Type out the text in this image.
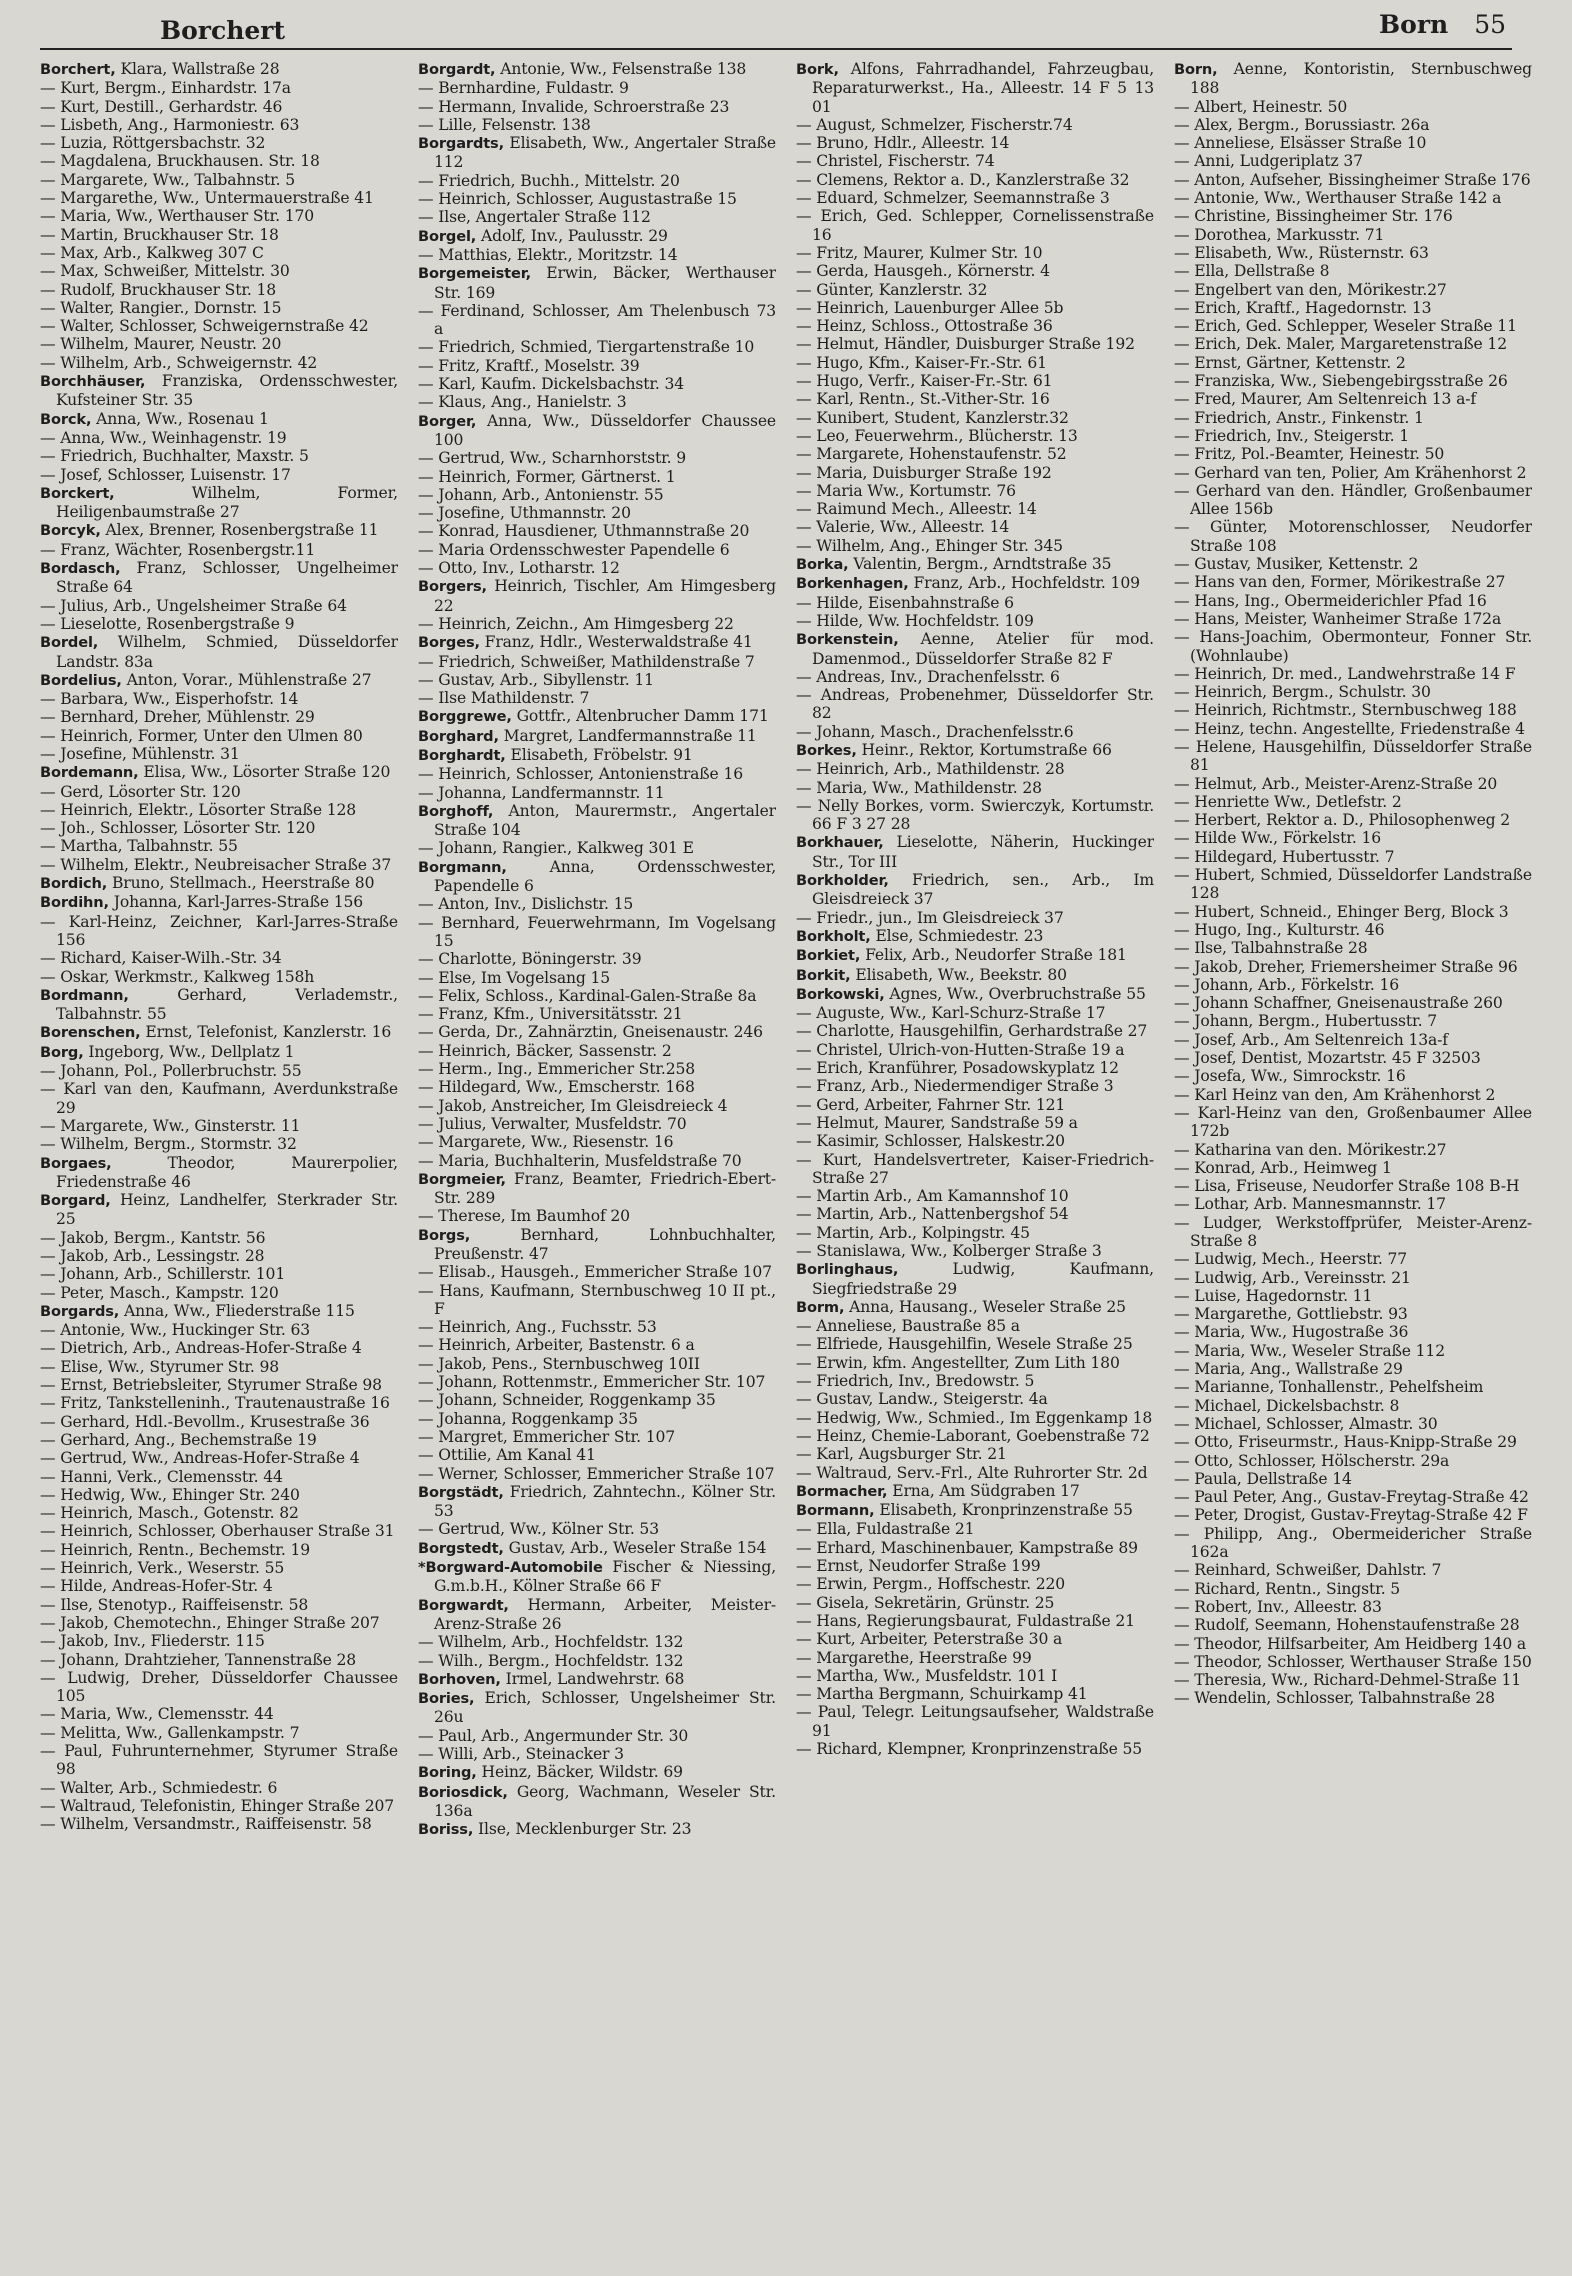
Borchert	Born 55
Borchert, Klara, Wallstraße 28
— Kurt, Bergm., Einhardstr. 17a
— Kurt, Destill., Gerhardstr. 46
— Lisbeth, Ang., Harmoniestr. 63
— Luzia, Röttgersbachstr. 32
— Magdalena, Bruckhausen. Str. 18
— Margarete, Ww., Talbahnstr. 5
— Margarethe, Ww., Untermauerstraße 41
— Maria, Ww., Werthauser Str. 170
— Martin, Bruckhauser Str. 18
— Max, Arb., Kalkweg 307 C
— Max, Schweißer, Mittelstr. 30
— Rudolf, Bruckhauser Str. 18
— Walter, Rangier., Dornstr. 15
— Walter, Schlosser, Schweigernstraße 42
— Wilhelm, Maurer, Neustr. 20
— Wilhelm, Arb., Schweigernstr. 42
Borchhäuser, Franziska, Ordensschwester, Kufsteiner Str. 35
Borck, Anna, Ww., Rosenau 1
— Anna, Ww., Weinhagenstr. 19
— Friedrich, Buchhalter, Maxstr. 5
— Josef, Schlosser, Luisenstr. 17
Borckert, Wilhelm, Former, Heiligenbaumstraße 27
Borcyk, Alex, Brenner, Rosenbergstraße 11
— Franz, Wächter, Rosenbergstr.11
Bordasch, Franz, Schlosser, Ungelheimer Straße 64
— Julius, Arb., Ungelsheimer Straße 64
— Lieselotte, Rosenbergstraße 9
Bordel, Wilhelm, Schmied, Düsseldorfer Landstr. 83a
Bordelius, Anton, Vorar., Mühlenstraße 27
— Barbara, Ww., Eisperhofstr. 14
— Bernhard, Dreher, Mühlenstr. 29
— Heinrich, Former, Unter den Ulmen 80
— Josefine, Mühlenstr. 31
Bordemann, Elisa, Ww., Lösorter Straße 120
— Gerd, Lösorter Str. 120
— Heinrich, Elektr., Lösorter Straße 128
— Joh., Schlosser, Lösorter Str. 120
— Martha, Talbahnstr. 55
— Wilhelm, Elektr., Neubreisacher Straße 37
Bordich, Bruno, Stellmach., Heerstraße 80
Bordihn, Johanna, Karl-Jarres-Straße 156
— Karl-Heinz, Zeichner, Karl-Jarres-Straße 156
— Richard, Kaiser-Wilh.-Str. 34
— Oskar, Werkmstr., Kalkweg 158h
Bordmann, Gerhard, Verlademstr., Talbahnstr. 55
Borenschen, Ernst, Telefonist, Kanzlerstr. 16
Borg, Ingeborg, Ww., Dellplatz 1
— Johann, Pol., Pollerbruchstr. 55
— Karl van den, Kaufmann, Averdunkstraße 29
— Margarete, Ww., Ginsterstr. 11
— Wilhelm, Bergm., Stormstr. 32
Borgaes, Theodor, Maurerpolier, Friedenstraße 46
Borgard, Heinz, Landhelfer, Sterkrader Str. 25
— Jakob, Bergm., Kantstr. 56
— Jakob, Arb., Lessingstr. 28
— Johann, Arb., Schillerstr. 101
— Peter, Masch., Kampstr. 120
Borgards, Anna, Ww., Fliederstraße 115
— Antonie, Ww., Huckinger Str. 63
— Dietrich, Arb., Andreas-Hofer-Straße 4
— Elise, Ww., Styrumer Str. 98
— Ernst, Betriebsleiter, Styrumer Straße 98
— Fritz, Tankstelleninh., Trautenaustraße 16
— Gerhard, Hdl.-Bevollm., Krusestraße 36
— Gerhard, Ang., Bechemstraße 19
— Gertrud, Ww., Andreas-Hofer-Straße 4
— Hanni, Verk., Clemensstr. 44
— Hedwig, Ww., Ehinger Str. 240
— Heinrich, Masch., Gotenstr. 82
— Heinrich, Schlosser, Oberhauser Straße 31
— Heinrich, Rentn., Bechemstr. 19
— Heinrich, Verk., Weserstr. 55
— Hilde, Andreas-Hofer-Str. 4
— Ilse, Stenotyp., Raiffeisenstr. 58
— Jakob, Chemotechn., Ehinger Straße 207
— Jakob, Inv., Fliederstr. 115
— Johann, Drahtzieher, Tannenstraße 28
— Ludwig, Dreher, Düsseldorfer Chaussee 105
— Maria, Ww., Clemensstr. 44
— Melitta, Ww., Gallenkampstr. 7
— Paul, Fuhrunternehmer, Styrumer Straße 98
— Walter, Arb., Schmiedestr. 6
— Waltraud, Telefonistin, Ehinger Straße 207
— Wilhelm, Versandmstr., Raiffeisenstr. 58
Borgardt, Antonie, Ww., Felsenstraße 138
— Bernhardine, Fuldastr. 9
— Hermann, Invalide, Schroerstraße 23
— Lille, Felsenstr. 138
Borgardts, Elisabeth, Ww., Angertaler Straße 112
— Friedrich, Buchh., Mittelstr. 20
— Heinrich, Schlosser, Augustastraße 15
— Ilse, Angertaler Straße 112
Borgel, Adolf, Inv., Paulusstr. 29
— Matthias, Elektr., Moritzstr. 14
Borgemeister, Erwin, Bäcker, Werthauser Str. 169
— Ferdinand, Schlosser, Am Thelenbusch 73 a
— Friedrich, Schmied, Tiergartenstraße 10
— Fritz, Kraftf., Moselstr. 39
— Karl, Kaufm. Dickelsbachstr. 34
— Klaus, Ang., Hanielstr. 3
Borger, Anna, Ww., Düsseldorfer Chaussee 100
— Gertrud, Ww., Scharnhorststr. 9
— Heinrich, Former, Gärtnerst. 1
— Johann, Arb., Antonienstr. 55
— Josefine, Uthmannstr. 20
— Konrad, Hausdiener, Uthmannstraße 20
— Maria Ordensschwester Papendelle 6
— Otto, Inv., Lotharstr. 12
Borgers, Heinrich, Tischler, Am Himgesberg 22
— Heinrich, Zeichn., Am Himgesberg 22
Borges, Franz, Hdlr., Westerwaldstraße 41
— Friedrich, Schweißer, Mathildenstraße 7
— Gustav, Arb., Sibyllenstr. 11
— Ilse Mathildenstr. 7
Borggrewe, Gottfr., Altenbrucher Damm 171
Borghard, Margret, Landfermannstraße 11
Borghardt, Elisabeth, Fröbelstr. 91
— Heinrich, Schlosser, Antonienstraße 16
— Johanna, Landfermannstr. 11
Borghoff, Anton, Maurermstr., Angertaler Straße 104
— Johann, Rangier., Kalkweg 301 E
Borgmann, Anna, Ordensschwester, Papendelle 6
— Anton, Inv., Dislichstr. 15
— Bernhard, Feuerwehrmann, Im Vogelsang 15
— Charlotte, Böningerstr. 39
— Else, Im Vogelsang 15
— Felix, Schloss., Kardinal-Galen-Straße 8a
— Franz, Kfm., Universitätsstr. 21
— Gerda, Dr., Zahnärztin, Gneisenaustr. 246
— Heinrich, Bäcker, Sassenstr. 2
— Herm., Ing., Emmericher Str.258
— Hildegard, Ww., Emscherstr. 168
— Jakob, Anstreicher, Im Gleisdreieck 4
— Julius, Verwalter, Musfeldstr. 70
— Margarete, Ww., Riesenstr. 16
— Maria, Buchhalterin, Musfeldstraße 70
Borgmeier, Franz, Beamter, Friedrich-Ebert-Str. 289
— Therese, Im Baumhof 20
Borgs, Bernhard, Lohnbuchhalter, Preußenstr. 47
— Elisab., Hausgeh., Emmericher Straße 107
— Hans, Kaufmann, Sternbuschweg 10 II pt., F
— Heinrich, Ang., Fuchsstr. 53
— Heinrich, Arbeiter, Bastenstr. 6 a
— Jakob, Pens., Sternbuschweg 10II
— Johann, Rottenmstr., Emmericher Str. 107
— Johann, Schneider, Roggenkamp 35
— Johanna, Roggenkamp 35
— Margret, Emmericher Str. 107
— Ottilie, Am Kanal 41
— Werner, Schlosser, Emmericher Straße 107
Borgstädt, Friedrich, Zahntechn., Kölner Str. 53
— Gertrud, Ww., Kölner Str. 53
Borgstedt, Gustav, Arb., Weseler Straße 154
*Borgward-Automobile Fischer & Niessing, G.m.b.H., Kölner Straße 66 F
Borgwardt, Hermann, Arbeiter, Meister-Arenz-Straße 26
— Wilhelm, Arb., Hochfeldstr. 132
— Wilh., Bergm., Hochfeldstr. 132
Borhoven, Irmel, Landwehrstr. 68
Bories, Erich, Schlosser, Ungelsheimer Str. 26u
— Paul, Arb., Angermunder Str. 30
— Willi, Arb., Steinacker 3
Boring, Heinz, Bäcker, Wildstr. 69
Boriosdick, Georg, Wachmann, Weseler Str. 136a
Boriss, Ilse, Mecklenburger Str. 23
Bork, Alfons, Fahrradhandel, Fahrzeugbau, Reparaturwerkst., Ha., Alleestr. 14 F 5 13 01
— August, Schmelzer, Fischerstr.74
— Bruno, Hdlr., Alleestr. 14
— Christel, Fischerstr. 74
— Clemens, Rektor a. D., Kanzlerstraße 32
— Eduard, Schmelzer, Seemannstraße 3
— Erich, Ged. Schlepper, Cornelissenstraße 16
— Fritz, Maurer, Kulmer Str. 10
— Gerda, Hausgeh., Körnerstr. 4
— Günter, Kanzlerstr. 32
— Heinrich, Lauenburger Allee 5b
— Heinz, Schloss., Ottostraße 36
— Helmut, Händler, Duisburger Straße 192
— Hugo, Kfm., Kaiser-Fr.-Str. 61
— Hugo, Verfr., Kaiser-Fr.-Str. 61
— Karl, Rentn., St.-Vither-Str. 16
— Kunibert, Student, Kanzlerstr.32
— Leo, Feuerwehrm., Blücherstr. 13
— Margarete, Hohenstaufenstr. 52
— Maria, Duisburger Straße 192
— Maria Ww., Kortumstr. 76
— Raimund Mech., Alleestr. 14
— Valerie, Ww., Alleestr. 14
— Wilhelm, Ang., Ehinger Str. 345
Borka, Valentin, Bergm., Arndtstraße 35
Borkenhagen, Franz, Arb., Hochfeldstr. 109
— Hilde, Eisenbahnstraße 6
— Hilde, Ww. Hochfeldstr. 109
Borkenstein, Aenne, Atelier für mod. Damenmod., Düsseldorfer Straße 82 F
— Andreas, Inv., Drachenfelsstr. 6
— Andreas, Probenehmer, Düsseldorfer Str. 82
— Johann, Masch., Drachenfelsstr.6
Borkes, Heinr., Rektor, Kortumstraße 66
— Heinrich, Arb., Mathildenstr. 28
— Maria, Ww., Mathildenstr. 28
— Nelly Borkes, vorm. Swierczyk, Kortumstr. 66 F 3 27 28
Borkhauer, Lieselotte, Näherin, Huckinger Str., Tor III
Borkholder, Friedrich, sen., Arb., Im Gleisdreieck 37
— Friedr., jun., Im Gleisdreieck 37
Borkholt, Else, Schmiedestr. 23
Borkiet, Felix, Arb., Neudorfer Straße 181
Borkit, Elisabeth, Ww., Beekstr. 80
Borkowski, Agnes, Ww., Overbruchstraße 55
— Auguste, Ww., Karl-Schurz-Straße 17
— Charlotte, Hausgehilfin, Gerhardstraße 27
— Christel, Ulrich-von-Hutten-Straße 19 a
— Erich, Kranführer, Posadowskyplatz 12
— Franz, Arb., Niedermendiger Straße 3
— Gerd, Arbeiter, Fahrner Str. 121
— Helmut, Maurer, Sandstraße 59 a
— Kasimir, Schlosser, Halskestr.20
— Kurt, Handelsvertreter, Kaiser-Friedrich-Straße 27
— Martin Arb., Am Kamannshof 10
— Martin, Arb., Nattenbergshof 54
— Martin, Arb., Kolpingstr. 45
— Stanislawa, Ww., Kolberger Straße 3
Borlinghaus, Ludwig, Kaufmann, Siegfriedstraße 29
Borm, Anna, Hausang., Weseler Straße 25
— Anneliese, Baustraße 85 a
— Elfriede, Hausgehilfin, Wesele Straße 25
— Erwin, kfm. Angestellter, Zum Lith 180
— Friedrich, Inv., Bredowstr. 5
— Gustav, Landw., Steigerstr. 4a
— Hedwig, Ww., Schmied., Im Eggenkamp 18
— Heinz, Chemie-Laborant, Goebenstraße 72
— Karl, Augsburger Str. 21
— Waltraud, Serv.-Frl., Alte Ruhrorter Str. 2d
Bormacher, Erna, Am Südgraben 17
Bormann, Elisabeth, Kronprinzenstraße 55
— Ella, Fuldastraße 21
— Erhard, Maschinenbauer, Kampstraße 89
— Ernst, Neudorfer Straße 199
— Erwin, Pergm., Hoffschestr. 220
— Gisela, Sekretärin, Grünstr. 25
— Hans, Regierungsbaurat, Fuldastraße 21
— Kurt, Arbeiter, Peterstraße 30 a
— Margarethe, Heerstraße 99
— Martha, Ww., Musfeldstr. 101 I
— Martha Bergmann, Schuirkamp 41
— Paul, Telegr. Leitungsaufseher, Waldstraße 91
— Richard, Klempner, Kronprinzenstraße 55
Born, Aenne, Kontoristin, Sternbuschweg 188
— Albert, Heinestr. 50
— Alex, Bergm., Borussiastr. 26a
— Anneliese, Elsässer Straße 10
— Anni, Ludgeriplatz 37
— Anton, Aufseher, Bissingheimer Straße 176
— Antonie, Ww., Werthauser Straße 142 a
— Christine, Bissingheimer Str. 176
— Dorothea, Markusstr. 71
— Elisabeth, Ww., Rüsternstr. 63
— Ella, Dellstraße 8
— Engelbert van den, Mörikestr.27
— Erich, Kraftf., Hagedornstr. 13
— Erich, Ged. Schlepper, Weseler Straße 11
— Erich, Dek. Maler, Margaretenstraße 12
— Ernst, Gärtner, Kettenstr. 2
— Franziska, Ww., Siebengebirgsstraße 26
— Fred, Maurer, Am Seltenreich 13 a-f
— Friedrich, Anstr., Finkenstr. 1
— Friedrich, Inv., Steigerstr. 1
— Fritz, Pol.-Beamter, Heinestr. 50
— Gerhard van ten, Polier, Am Krähenhorst 2
— Gerhard van den. Händler, Großenbaumer Allee 156b
— Günter, Motorenschlosser, Neudorfer Straße 108
— Gustav, Musiker, Kettenstr. 2
— Hans van den, Former, Mörikestraße 27
— Hans, Ing., Obermeiderichler Pfad 16
— Hans, Meister, Wanheimer Straße 172a
— Hans-Joachim, Obermonteur, Fonner Str. (Wohnlaube)
— Heinrich, Dr. med., Landwehrstraße 14 F
— Heinrich, Bergm., Schulstr. 30
— Heinrich, Richtmstr., Sternbuschweg 188
— Heinz, techn. Angestellte, Friedenstraße 4
— Helene, Hausgehilfin, Düsseldorfer Straße 81
— Helmut, Arb., Meister-Arenz-Straße 20
— Henriette Ww., Detlefstr. 2
— Herbert, Rektor a. D., Philosophenweg 2
— Hilde Ww., Förkelstr. 16
— Hildegard, Hubertusstr. 7
— Hubert, Schmied, Düsseldorfer Landstraße 128
— Hubert, Schneid., Ehinger Berg, Block 3
— Hugo, Ing., Kulturstr. 46
— Ilse, Talbahnstraße 28
— Jakob, Dreher, Friemersheimer Straße 96
— Johann, Arb., Förkelstr. 16
— Johann Schaffner, Gneisenaustraße 260
— Johann, Bergm., Hubertusstr. 7
— Josef, Arb., Am Seltenreich 13a-f
— Josef, Dentist, Mozartstr. 45 F 32503
— Josefa, Ww., Simrockstr. 16
— Karl Heinz van den, Am Krähenhorst 2
— Karl-Heinz van den, Großenbaumer Allee 172b
— Katharina van den. Mörikestr.27
— Konrad, Arb., Heimweg 1
— Lisa, Friseuse, Neudorfer Straße 108 B-H
— Lothar, Arb. Mannesmannstr. 17
— Ludger, Werkstoffprüfer, Meister-Arenz-Straße 8
— Ludwig, Mech., Heerstr. 77
— Ludwig, Arb., Vereinsstr. 21
— Luise, Hagedornstr. 11
— Margarethe, Gottliebstr. 93
— Maria, Ww., Hugostraße 36
— Maria, Ww., Weseler Straße 112
— Maria, Ang., Wallstraße 29
— Marianne, Tonhallenstr., Pehelfsheim
— Michael, Dickelsbachstr. 8
— Michael, Schlosser, Almastr. 30
— Otto, Friseurmstr., Haus-Knipp-Straße 29
— Otto, Schlosser, Hölscherstr. 29a
— Paula, Dellstraße 14
— Paul Peter, Ang., Gustav-Freytag-Straße 42
— Peter, Drogist, Gustav-Freytag-Straße 42 F
— Philipp, Ang., Obermeidericher Straße 162a
— Reinhard, Schweißer, Dahlstr. 7
— Richard, Rentn., Singstr. 5
— Robert, Inv., Alleestr. 83
— Rudolf, Seemann, Hohenstaufenstraße 28
— Theodor, Hilfsarbeiter, Am Heidberg 140 a
— Theodor, Schlosser, Werthauser Straße 150
— Theresia, Ww., Richard-Dehmel-Straße 11
— Wendelin, Schlosser, Talbahnstraße 28
